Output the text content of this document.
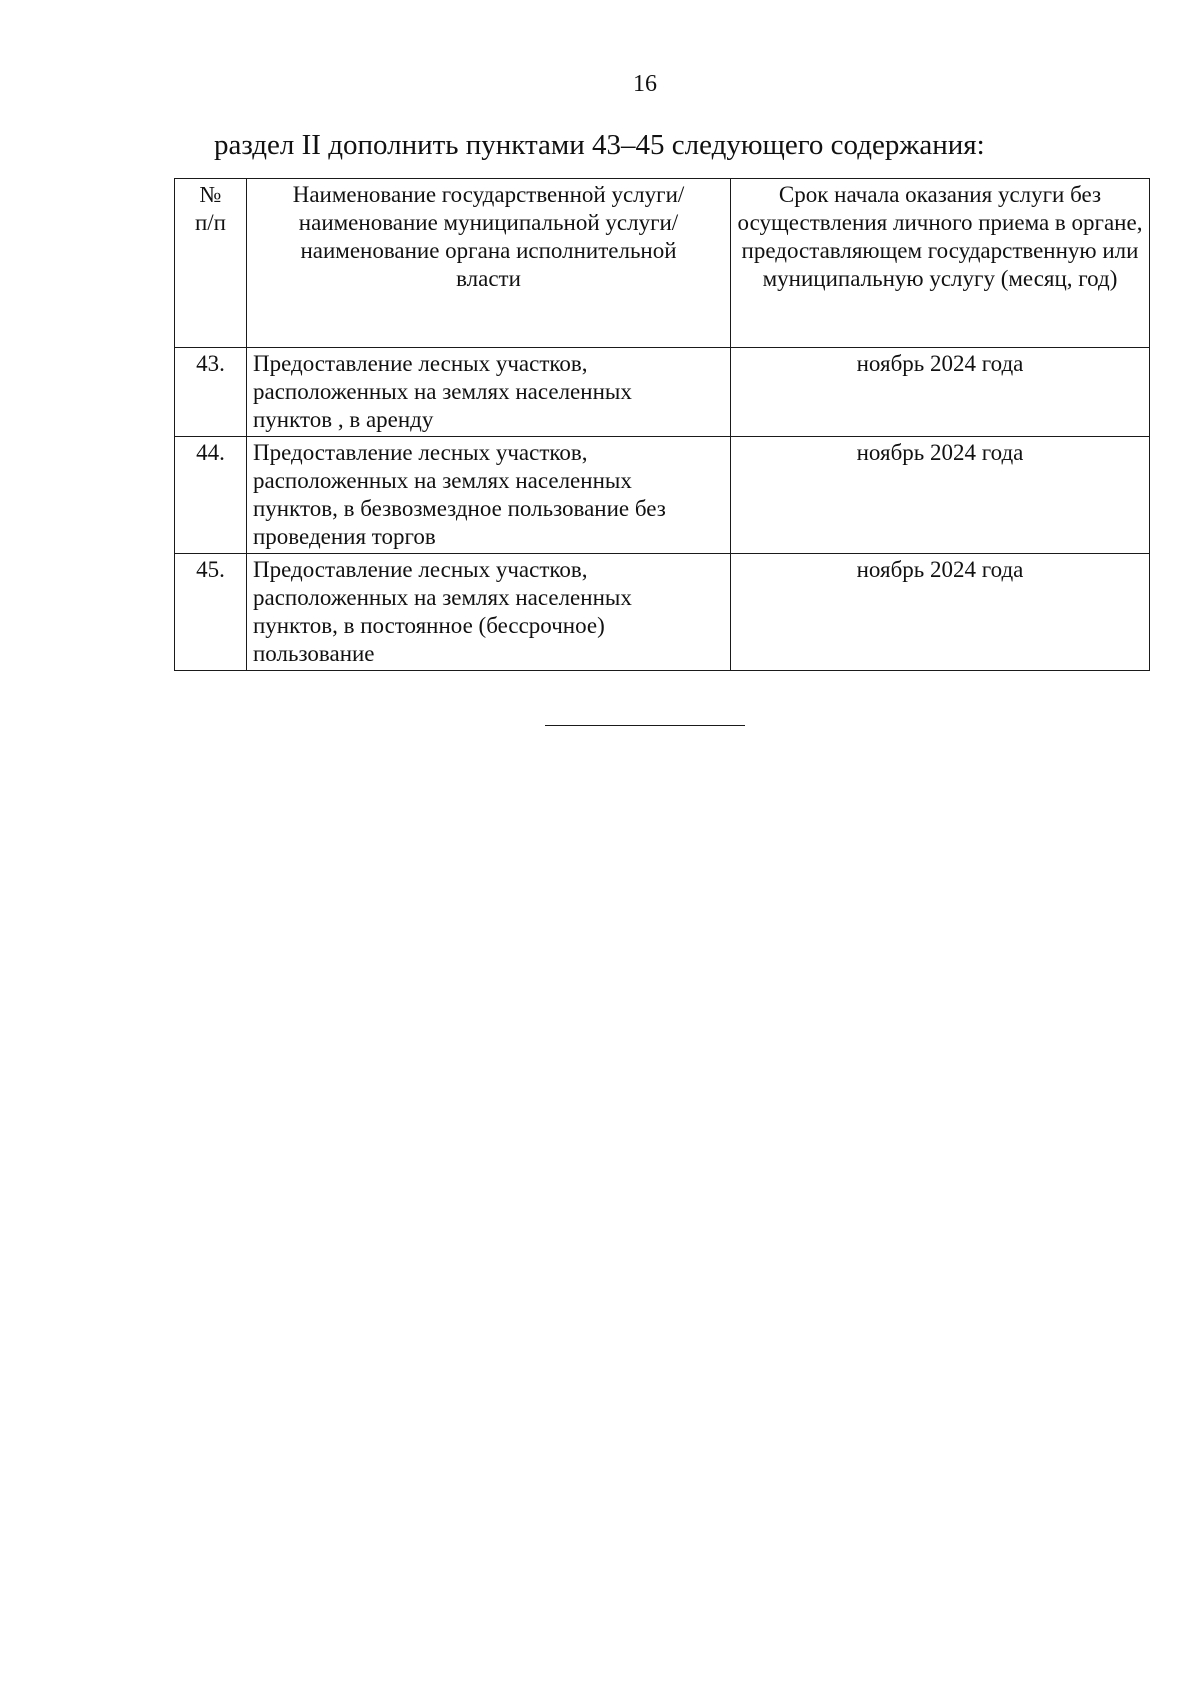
16
раздел II дополнить пунктами 43–45 следующего содержания:
№ п/п	Наименование государственной услуги/наименование муниципальной услуги/наименование органа исполнительной власти	Срок начала оказания услуги без осуществления личного приема в органе, предоставляющем государственную или муниципальную услугу (месяц, год)
43.	Предоставление лесных участков, расположенных на землях населенных пунктов , в аренду	ноябрь 2024 года
44.	Предоставление лесных участков, расположенных на землях населенных пунктов, в безвозмездное пользование без проведения торгов	ноябрь 2024 года
45.	Предоставление лесных участков, расположенных на землях населенных пунктов, в постоянное (бессрочное) пользование	ноябрь 2024 года
